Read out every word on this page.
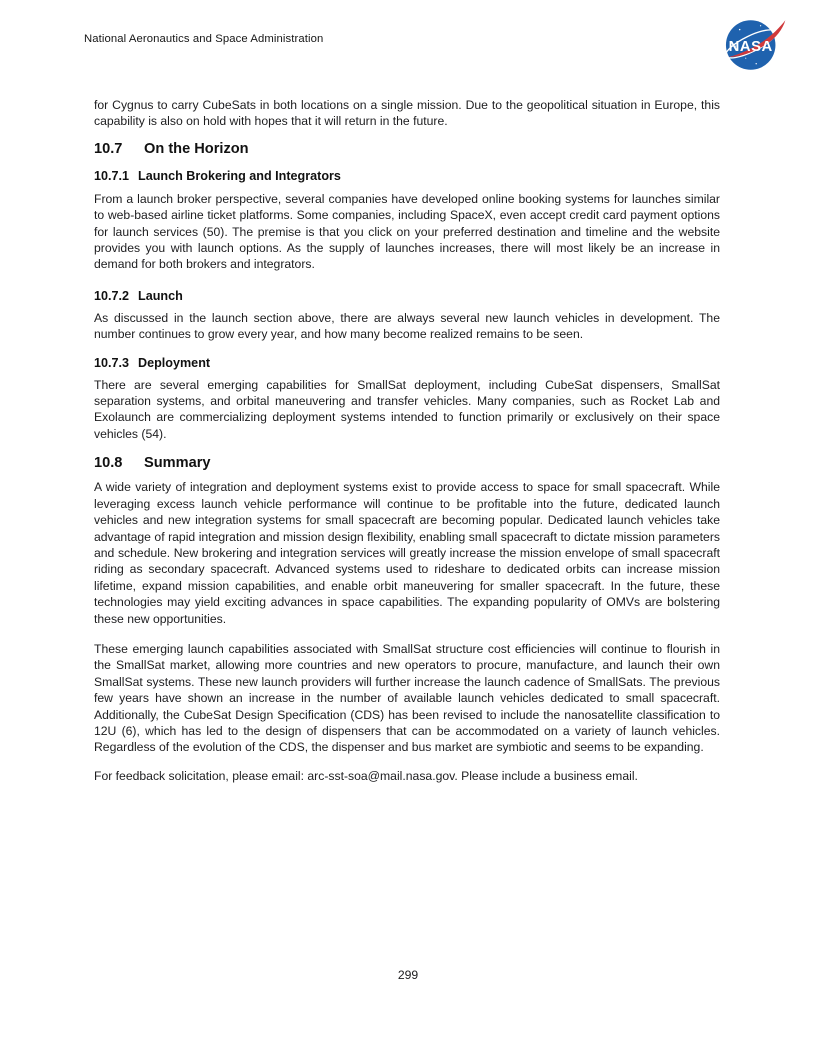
National Aeronautics and Space Administration
NASA

for Cygnus to carry CubeSats in both locations on a single mission. Due to the geopolitical situation in Europe, this capability is also on hold with hopes that it will return in the future.

10.7 On the Horizon
10.7.1 Launch Brokering and Integrators

From a launch broker perspective, several companies have developed online booking systems for launches similar to web-based airline ticket platforms. Some companies, including SpaceX, even accept credit card payment options for launch services (50). The premise is that you click on your preferred destination and timeline and the website provides you with launch options. As the supply of launches increases, there will most likely be an increase in demand for both brokers and integrators.

10.7.2 Launch

As discussed in the launch section above, there are always several new launch vehicles in development. The number continues to grow every year, and how many become realized remains to be seen.

10.7.3 Deployment

There are several emerging capabilities for SmallSat deployment, including CubeSat dispensers, SmallSat separation systems, and orbital maneuvering and transfer vehicles. Many companies, such as Rocket Lab and Exolaunch are commercializing deployment systems intended to function primarily or exclusively on their space vehicles (54).

10.8 Summary

A wide variety of integration and deployment systems exist to provide access to space for small spacecraft. While leveraging excess launch vehicle performance will continue to be profitable into the future, dedicated launch vehicles and new integration systems for small spacecraft are becoming popular. Dedicated launch vehicles take advantage of rapid integration and mission design flexibility, enabling small spacecraft to dictate mission parameters and schedule. New brokering and integration services will greatly increase the mission envelope of small spacecraft riding as secondary spacecraft. Advanced systems used to rideshare to dedicated orbits can increase mission lifetime, expand mission capabilities, and enable orbit maneuvering for smaller spacecraft. In the future, these technologies may yield exciting advances in space capabilities. The expanding popularity of OMVs are bolstering these new opportunities.

These emerging launch capabilities associated with SmallSat structure cost efficiencies will continue to flourish in the SmallSat market, allowing more countries and new operators to procure, manufacture, and launch their own SmallSat systems. These new launch providers will further increase the launch cadence of SmallSats. The previous few years have shown an increase in the number of available launch vehicles dedicated to small spacecraft. Additionally, the CubeSat Design Specification (CDS) has been revised to include the nanosatellite classification to 12U (6), which has led to the design of dispensers that can be accommodated on a variety of launch vehicles. Regardless of the evolution of the CDS, the dispenser and bus market are symbiotic and seems to be expanding.

For feedback solicitation, please email: arc-sst-soa@mail.nasa.gov. Please include a business email.

299
